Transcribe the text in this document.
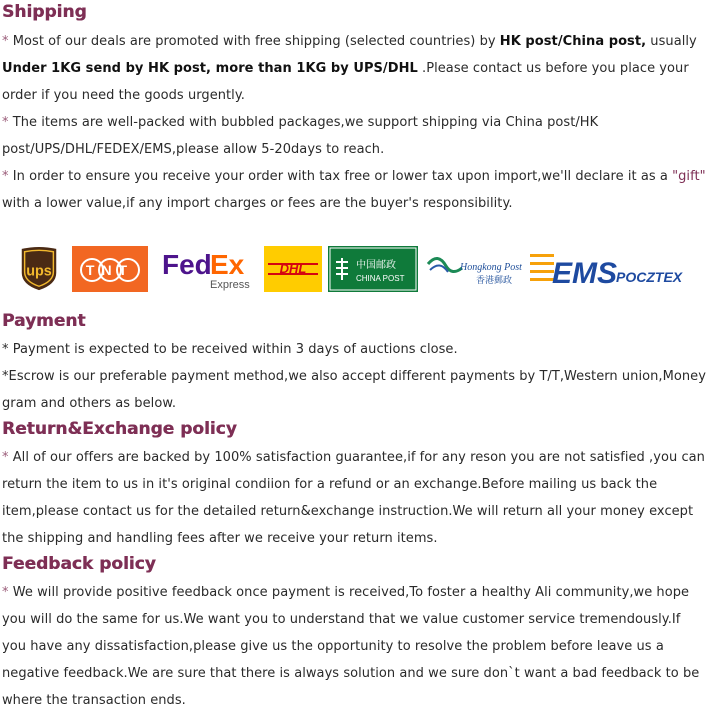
Shipping

* Most of our deals are promoted with free shipping (selected countries) by HK post/China post, usually Under 1KG send by HK post, more than 1KG by UPS/DHL .Please contact us before you place your order if you need the goods urgently.

* The items are well-packed with bubbled packages,we support shipping via China post/HK post/UPS/DHL/FEDEX/EMS,please allow 5-20days to reach.

* In order to ensure you receive your order with tax free or lower tax upon import,we'll declare it as a "gift" with a lower value,if any import charges or fees are the buyer's responsibility.

ups TNT Fed
Ex
Express
DHL	中国邮政
CHINA POST
Hongkong Post
香港郵政 EMS
POCZTEX
Payment

* Payment is expected to be received within 3 days of auctions close.

*Escrow is our preferable payment method,we also accept different payments by T/T,Western union,Money gram and others as below.

Return&Exchange policy

* All of our offers are backed by 100% satisfaction guarantee,if for any reson you are not satisfied ,you can return the item to us in it's original condiion for a refund or an exchange.Before mailing us back the item,please contact us for the detailed return&exchange instruction.We will return all your money except the shipping and handling fees after we receive your return items.

Feedback policy

* We will provide positive feedback once payment is received,To foster a healthy Ali community,we hope you will do the same for us.We want you to understand that we value customer service tremendously.If you have any dissatisfaction,please give us the opportunity to resolve the problem before leave us a negative feedback.We are sure that there is always solution and we sure don`t want a bad feedback to be where the transaction ends.
